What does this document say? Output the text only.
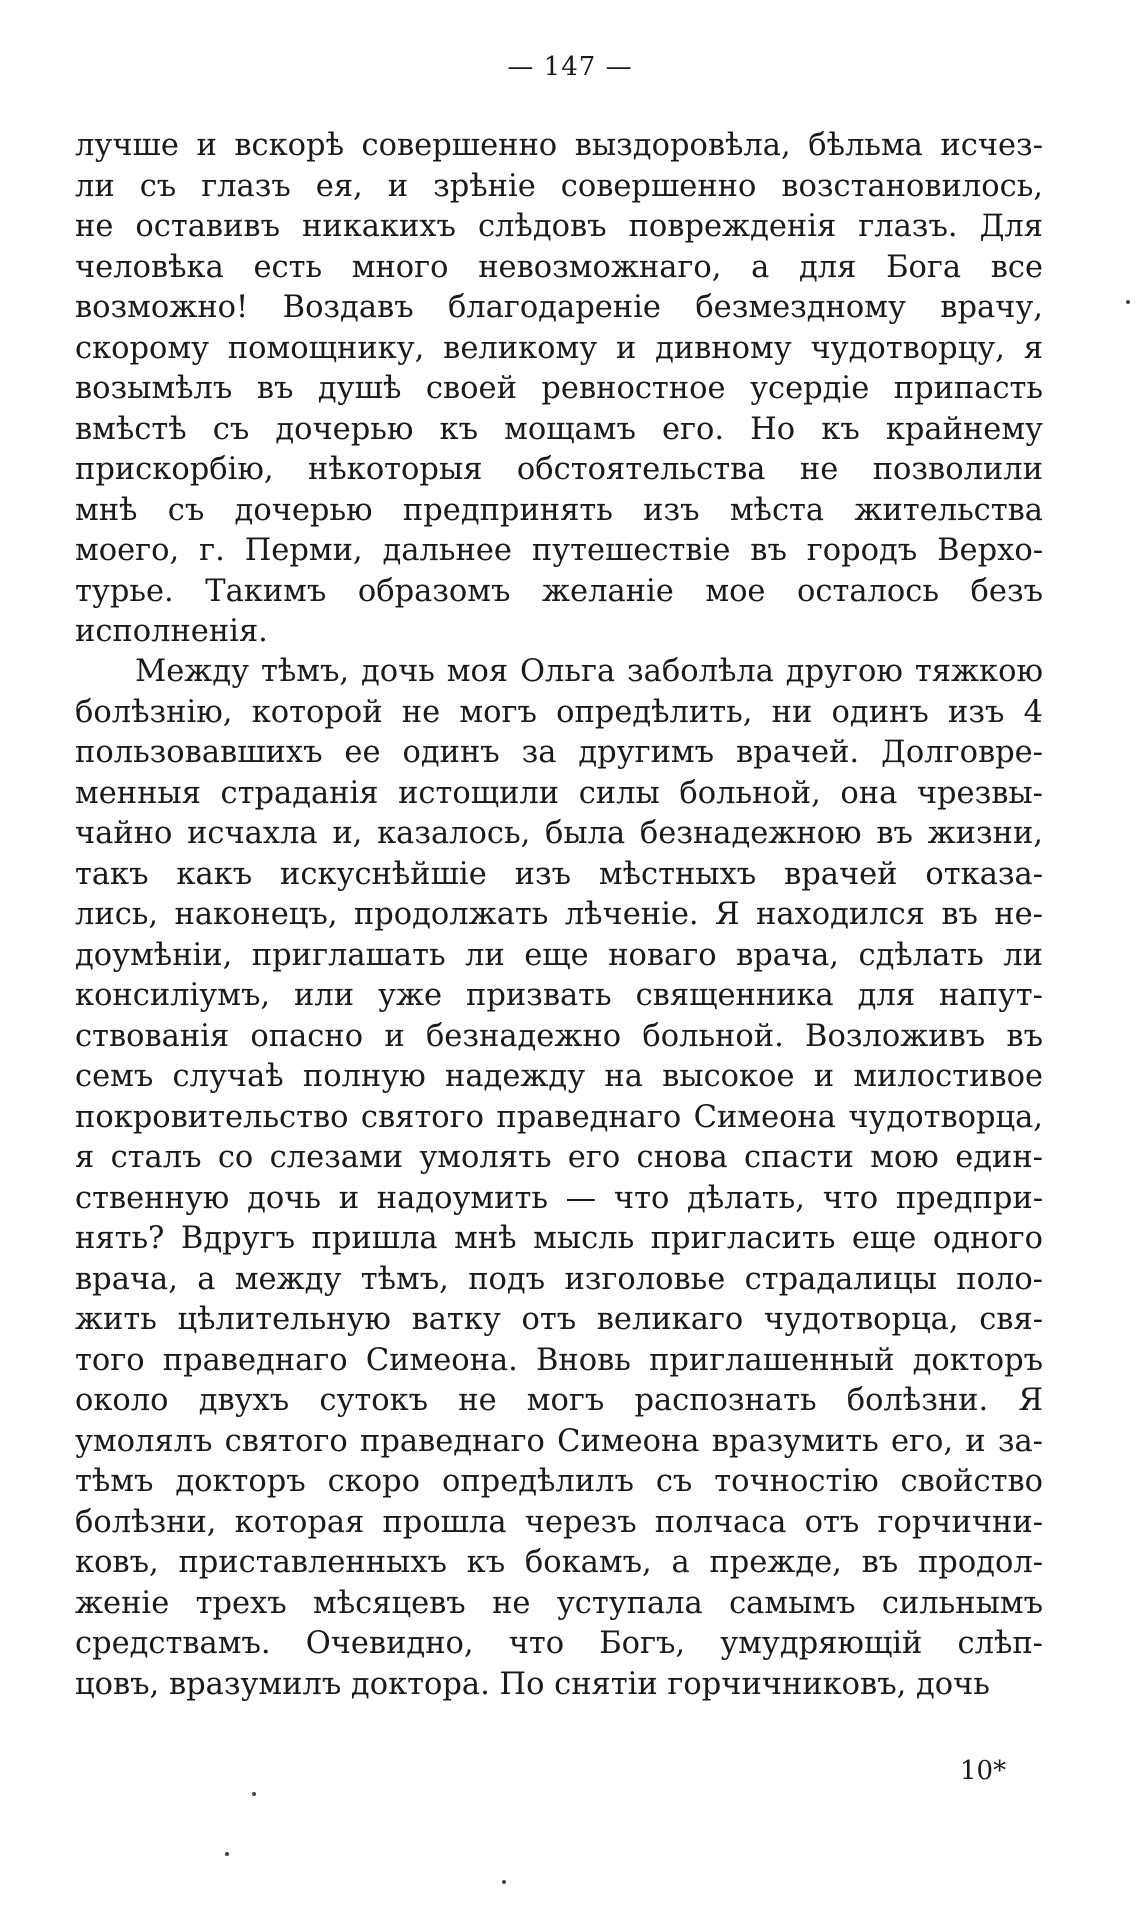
— 147 —
лучше и вскорѣ совершенно выздоровѣла, бѣльма исчез-
ли съ глазъ ея, и зрѣніе совершенно возстановилось,
не оставивъ никакихъ слѣдовъ поврежденія глазъ. Для
человѣка есть много невозможнаго, а для Бога все
возможно! Воздавъ благодареніе безмездному врачу,
скорому помощнику, великому и дивному чудотворцу, я
возымѣлъ въ душѣ своей ревностное усердіе припасть
вмѣстѣ съ дочерью къ мощамъ его. Но къ крайнему
прискорбію, нѣкоторыя обстоятельства не позволили
мнѣ съ дочерью предпринять изъ мѣста жительства
моего, г. Перми, дальнее путешествіе въ городъ Верхо-
турье. Такимъ образомъ желаніе мое осталось безъ
исполненія.
Между тѣмъ, дочь моя Ольга заболѣла другою тяжкою
болѣзнію, которой не могъ опредѣлить, ни одинъ изъ 4
пользовавшихъ ее одинъ за другимъ врачей. Долговре-
менныя страданія истощили силы больной, она чрезвы-
чайно исчахла и, казалось, была безнадежною въ жизни,
такъ какъ искуснѣйшіе изъ мѣстныхъ врачей отказа-
лись, наконецъ, продолжать лѣченіе. Я находился въ не-
доумѣніи, приглашать ли еще новаго врача, сдѣлать ли
консиліумъ, или уже призвать священника для напут-
ствованія опасно и безнадежно больной. Возложивъ въ
семъ случаѣ полную надежду на высокое и милостивое
покровительство святого праведнаго Симеона чудотворца,
я сталъ со слезами умолять его снова спасти мою един-
ственную дочь и надоумить — что дѣлать, что предпри-
нять? Вдругъ пришла мнѣ мысль пригласить еще одного
врача, а между тѣмъ, подъ изголовье страдалицы поло-
жить цѣлительную ватку отъ великаго чудотворца, свя-
того праведнаго Симеона. Вновь приглашенный докторъ
около двухъ сутокъ не могъ распознать болѣзни. Я
умолялъ святого праведнаго Симеона вразумить его, и за-
тѣмъ докторъ скоро опредѣлилъ съ точностію свойство
болѣзни, которая прошла черезъ полчаса отъ горчични-
ковъ, приставленныхъ къ бокамъ, а прежде, въ продол-
женіе трехъ мѣсяцевъ не уступала самымъ сильнымъ
средствамъ. Очевидно, что Богъ, умудряющій слѣп-
цовъ, вразумилъ доктора. По снятіи горчичниковъ, дочь
10*
